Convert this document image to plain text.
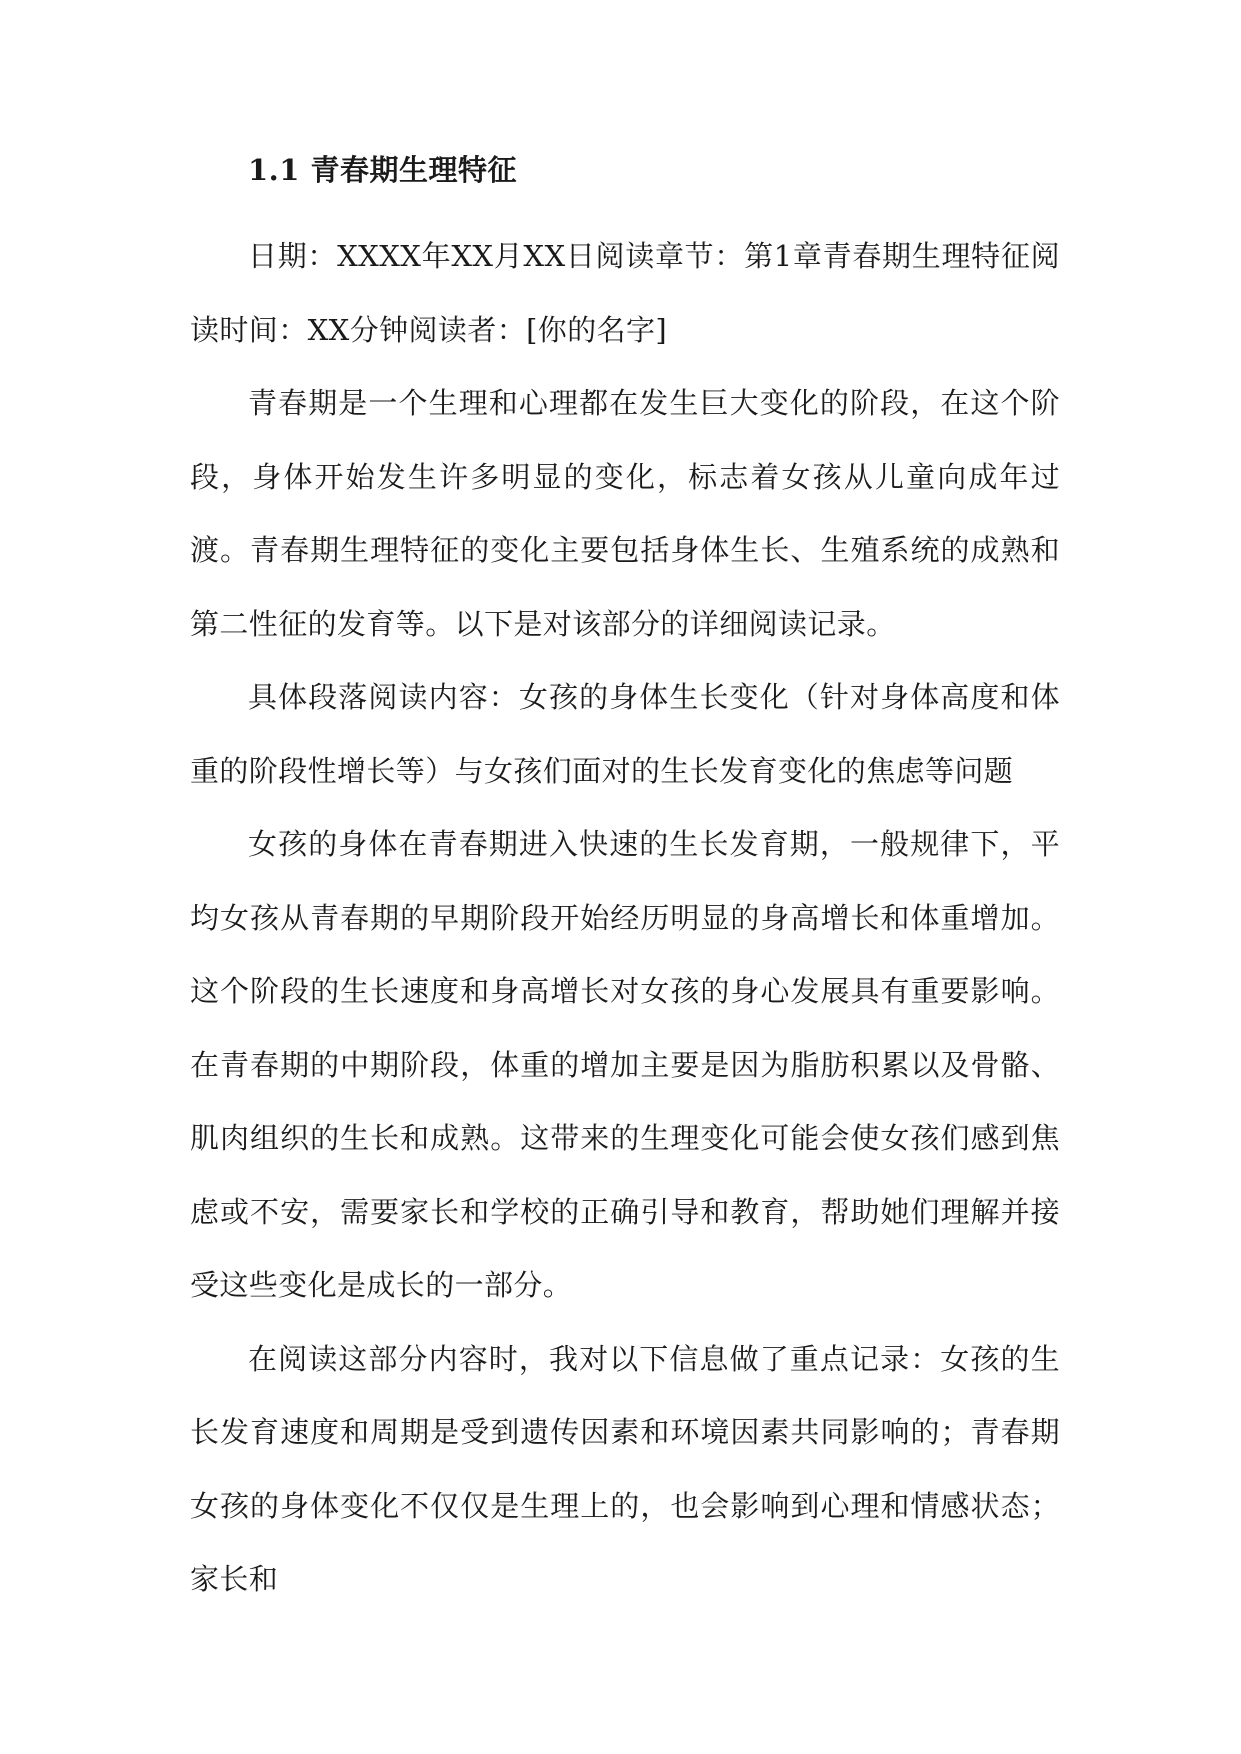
1.1 青春期生理特征

日期：XXXX年XX月XX日阅读章节：第1章青春期生理特征阅读时间：XX分钟阅读者：[你的名字]

青春期是一个生理和心理都在发生巨大变化的阶段，在这个阶段，身体开始发生许多明显的变化，标志着女孩从儿童向成年过渡。青春期生理特征的变化主要包括身体生长、生殖系统的成熟和第二性征的发育等。以下是对该部分的详细阅读记录。

具体段落阅读内容：女孩的身体生长变化（针对身体高度和体重的阶段性增长等）与女孩们面对的生长发育变化的焦虑等问题

女孩的身体在青春期进入快速的生长发育期，一般规律下，平均女孩从青春期的早期阶段开始经历明显的身高增长和体重增加。这个阶段的生长速度和身高增长对女孩的身心发展具有重要影响。在青春期的中期阶段，体重的增加主要是因为脂肪积累以及骨骼、肌肉组织的生长和成熟。这带来的生理变化可能会使女孩们感到焦虑或不安，需要家长和学校的正确引导和教育，帮助她们理解并接受这些变化是成长的一部分。

在阅读这部分内容时，我对以下信息做了重点记录：女孩的生长发育速度和周期是受到遗传因素和环境因素共同影响的；青春期女孩的身体变化不仅仅是生理上的，也会影响到心理和情感状态；家长和
